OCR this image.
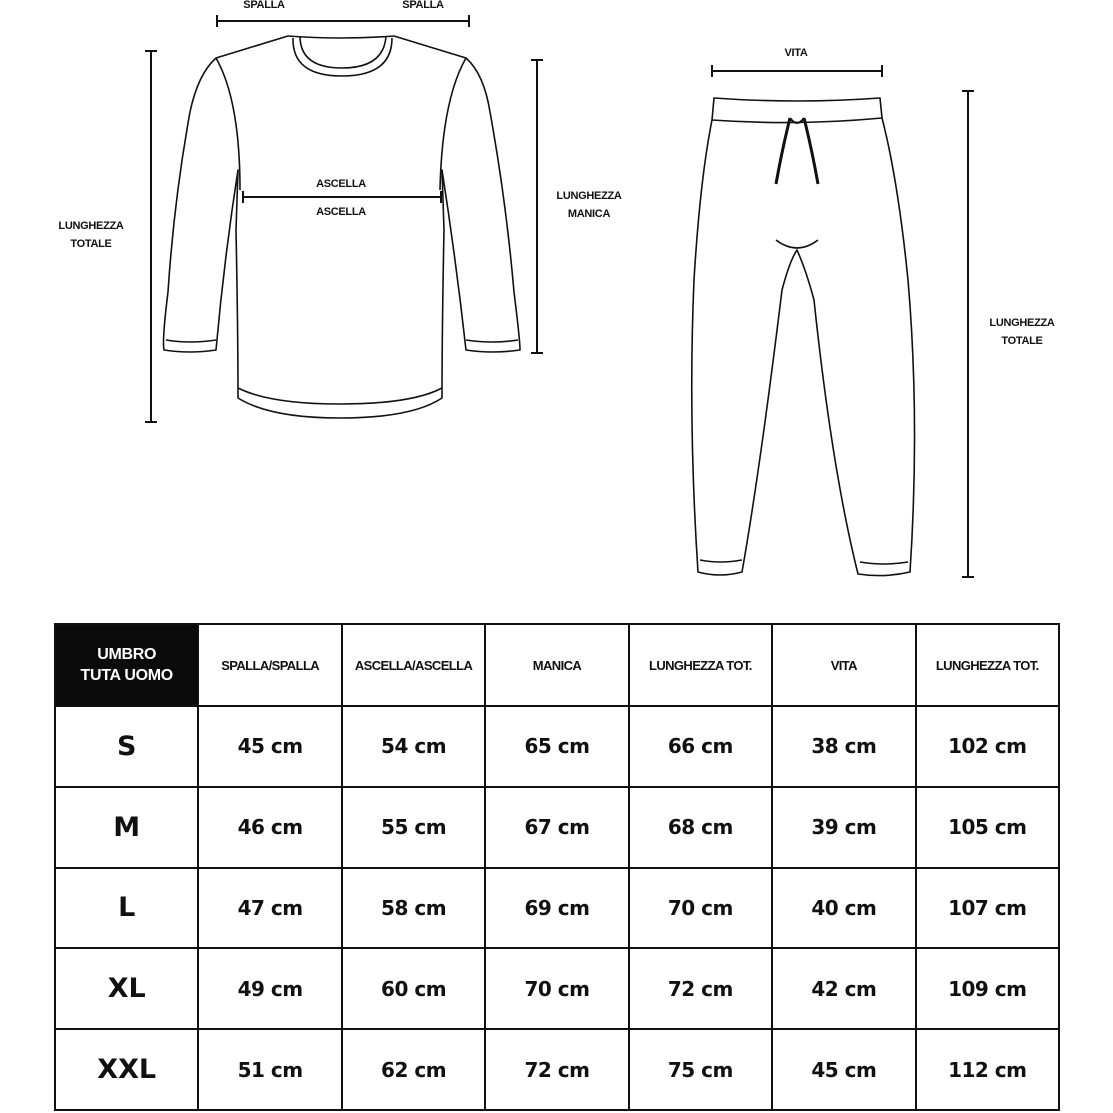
SPALLA	SPALLA
ASCELLA
ASCELLA
LUNGHEZZA
TOTALE
LUNGHEZZA
MANICA
VITA
LUNGHEZZA
TOTALE
UMBRO
TUTA UOMO	SPALLA/SPALLA	ASCELLA/ASCELLA	MANICA	LUNGHEZZA TOT.	VITA	LUNGHEZZA TOT.
S	45 cm	54 cm	65 cm	66 cm	38 cm	102 cm
M	46 cm	55 cm	67 cm	68 cm	39 cm	105 cm
L	47 cm	58 cm	69 cm	70 cm	40 cm	107 cm
XL	49 cm	60 cm	70 cm	72 cm	42 cm	109 cm
XXL	51 cm	62 cm	72 cm	75 cm	45 cm	112 cm
